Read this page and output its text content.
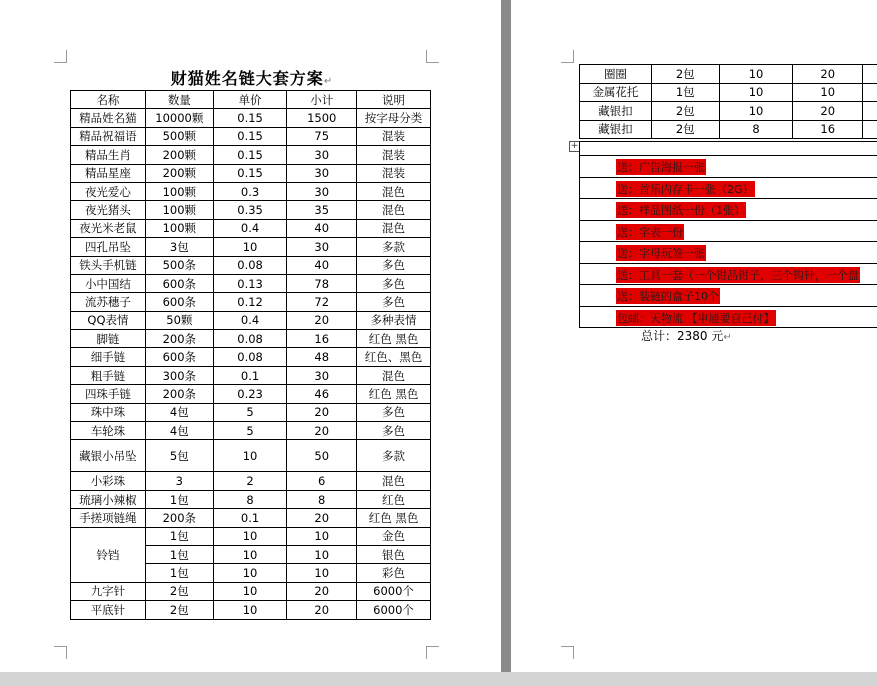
财猫姓名链大套方案↵
名称	数量	单价	小计	说明
精品姓名猫	10000颗	0.15	1500	按字母分类
精品祝福语	500颗	0.15	75	混装
精品生肖	200颗	0.15	30	混装
精品星座	200颗	0.15	30	混装
夜光爱心	100颗	0.3	30	混色
夜光猪头	100颗	0.35	35	混色
夜光米老鼠	100颗	0.4	40	混色
四孔吊坠	3包	10	30	多款
铁头手机链	500条	0.08	40	多色
小中国结	600条	0.13	78	多色
流苏穗子	600条	0.12	72	多色
QQ表情	50颗	0.4	20	多种表情
脚链	200条	0.08	16	红色 黑色
细手链	600条	0.08	48	红色、黑色
粗手链	300条	0.1	30	混色
四珠手链	200条	0.23	46	红色 黑色
珠中珠	4包	5	20	多色
车轮珠	4包	5	20	多色
藏银小吊坠	5包	10	50	多款
小彩珠	3	2	6	混色
琉璃小辣椒	1包	8	8	红色
手搓项链绳	200条	0.1	20	红色 黑色
铃铛	1包	10	10	金色
	1包	10	10	银色
	1包	10	10	彩色
九字针	2包	10	20	6000个
平底针	2包	10	20	6000个
圈圈	2包	10	20	
金属花托	1包	10	10	
藏银扣	2包	10	20	
藏银扣	2包	8	16	
+
送：广告海报一张
送：首乐内存卡一张（2G）
送：样品图纸一份（1张）
送：字表一份
送：字母玩签一张
送：工具一套（一个钳品钳子，三个钩针，一个盘
送：装链的盒子10个
包邮：天物流 【申通要自己付】
总计：2380 元↵
